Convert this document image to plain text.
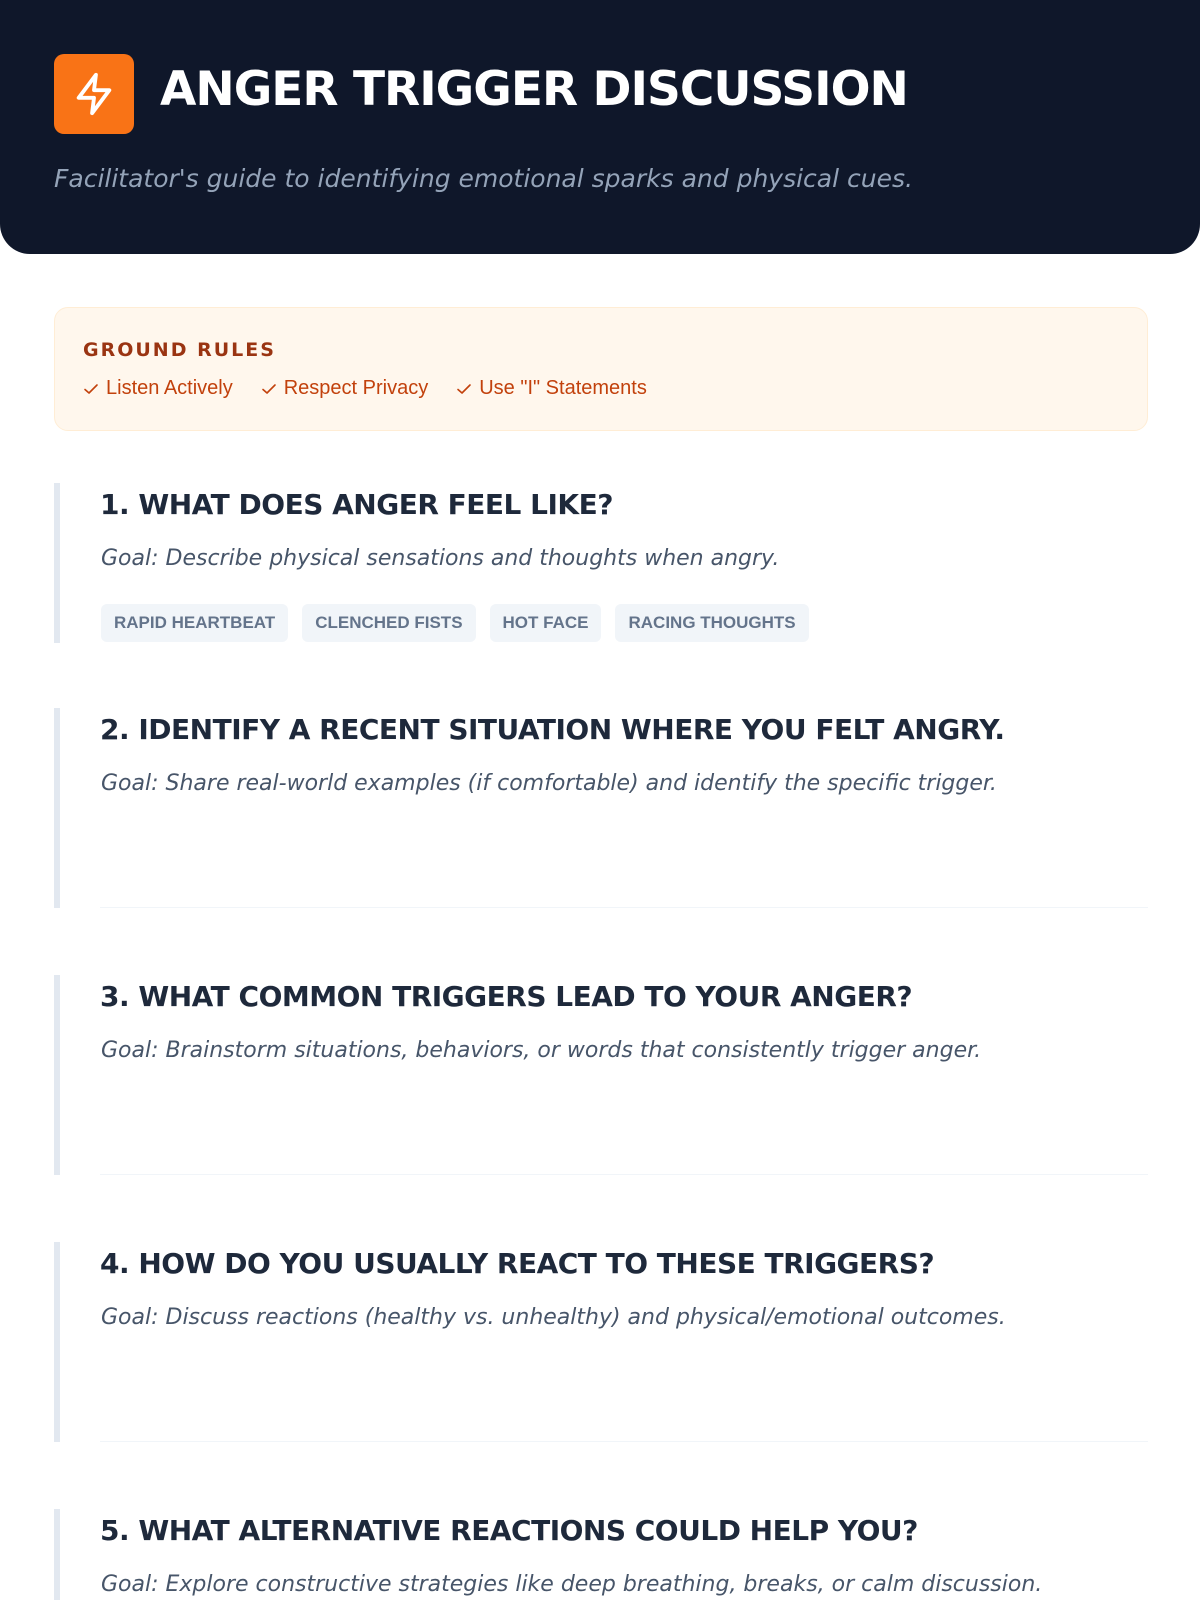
ANGER TRIGGER DISCUSSION
Facilitator's guide to identifying emotional sparks and physical cues.
GROUND RULES
Listen Actively	Respect Privacy	Use "I" Statements
1. WHAT DOES ANGER FEEL LIKE?
Goal: Describe physical sensations and thoughts when angry.
RAPID HEARTBEAT	CLENCHED FISTS	HOT FACE	RACING THOUGHTS
2. IDENTIFY A RECENT SITUATION WHERE YOU FELT ANGRY.
Goal: Share real-world examples (if comfortable) and identify the specific trigger.
3. WHAT COMMON TRIGGERS LEAD TO YOUR ANGER?
Goal: Brainstorm situations, behaviors, or words that consistently trigger anger.
4. HOW DO YOU USUALLY REACT TO THESE TRIGGERS?
Goal: Discuss reactions (healthy vs. unhealthy) and physical/emotional outcomes.
5. WHAT ALTERNATIVE REACTIONS COULD HELP YOU?
Goal: Explore constructive strategies like deep breathing, breaks, or calm discussion.
